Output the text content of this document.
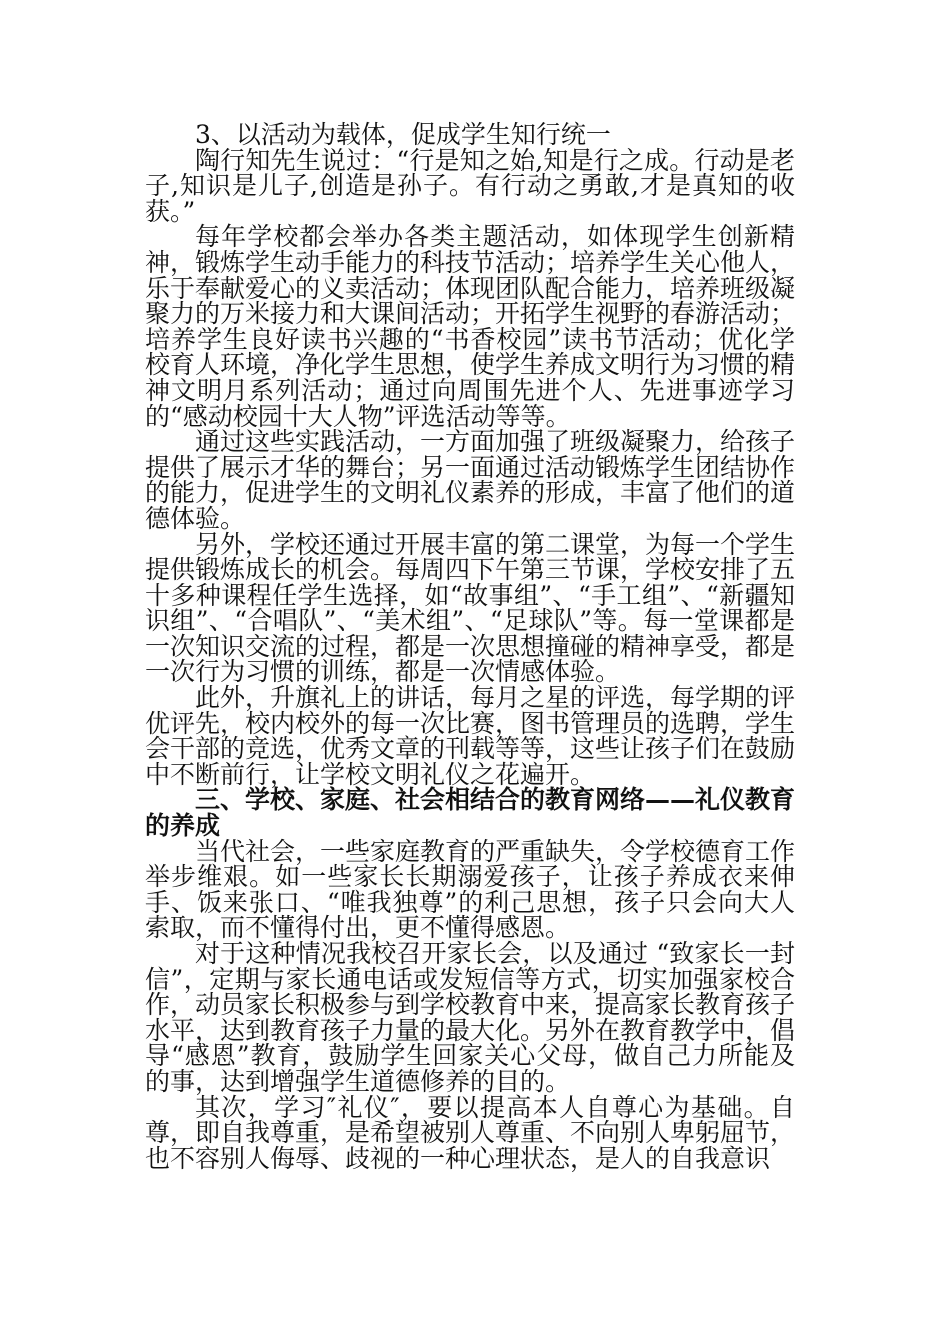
3、以活动为载体，促成学生知行统一

陶行知先生说过：“行是知之始,知是行之成。行动是老子,知识是儿子,创造是孙子。有行动之勇敢,才是真知的收获。”

每年学校都会举办各类主题活动，如体现学生创新精神，锻炼学生动手能力的科技节活动；培养学生关心他人，乐于奉献爱心的义卖活动；体现团队配合能力，培养班级凝聚力的万米接力和大课间活动；开拓学生视野的春游活动；培养学生良好读书兴趣的“书香校园”读书节活动；优化学校育人环境，净化学生思想，使学生养成文明行为习惯的精神文明月系列活动；通过向周围先进个人、先进事迹学习的“感动校园十大人物”评选活动等等。

通过这些实践活动，一方面加强了班级凝聚力，给孩子提供了展示才华的舞台；另一面通过活动锻炼学生团结协作的能力，促进学生的文明礼仪素养的形成，丰富了他们的道德体验。

另外，学校还通过开展丰富的第二课堂，为每一个学生提供锻炼成长的机会。每周四下午第三节课，学校安排了五十多种课程任学生选择，如“故事组”、“手工组”、“新疆知识组”、“合唱队”、“美术组”、“足球队”等。每一堂课都是一次知识交流的过程，都是一次思想撞碰的精神享受，都是一次行为习惯的训练，都是一次情感体验。

此外，升旗礼上的讲话，每月之星的评选，每学期的评优评先，校内校外的每一次比赛，图书管理员的选聘，学生会干部的竞选，优秀文章的刊载等等，这些让孩子们在鼓励中不断前行，让学校文明礼仪之花遍开。

三、学校、家庭、社会相结合的教育网络——礼仪教育的养成

当代社会，一些家庭教育的严重缺失，令学校德育工作举步维艰。如一些家长长期溺爱孩子，让孩子养成衣来伸手、饭来张口、“唯我独尊”的利己思想，孩子只会向大人索取，而不懂得付出，更不懂得感恩。

对于这种情况我校召开家长会，以及通过 “致家长一封信”，定期与家长通电话或发短信等方式，切实加强家校合作，动员家长积极参与到学校教育中来，提高家长教育孩子水平，达到教育孩子力量的最大化。另外在教育教学中，倡导“感恩”教育，鼓励学生回家关心父母，做自己力所能及的事，达到增强学生道德修养的目的。

其次，学习″礼仪″，要以提高本人自尊心为基础。自尊，即自我尊重，是希望被别人尊重、不向别人卑躬屈节，也不容别人侮辱、歧视的一种心理状态，是人的自我意识
